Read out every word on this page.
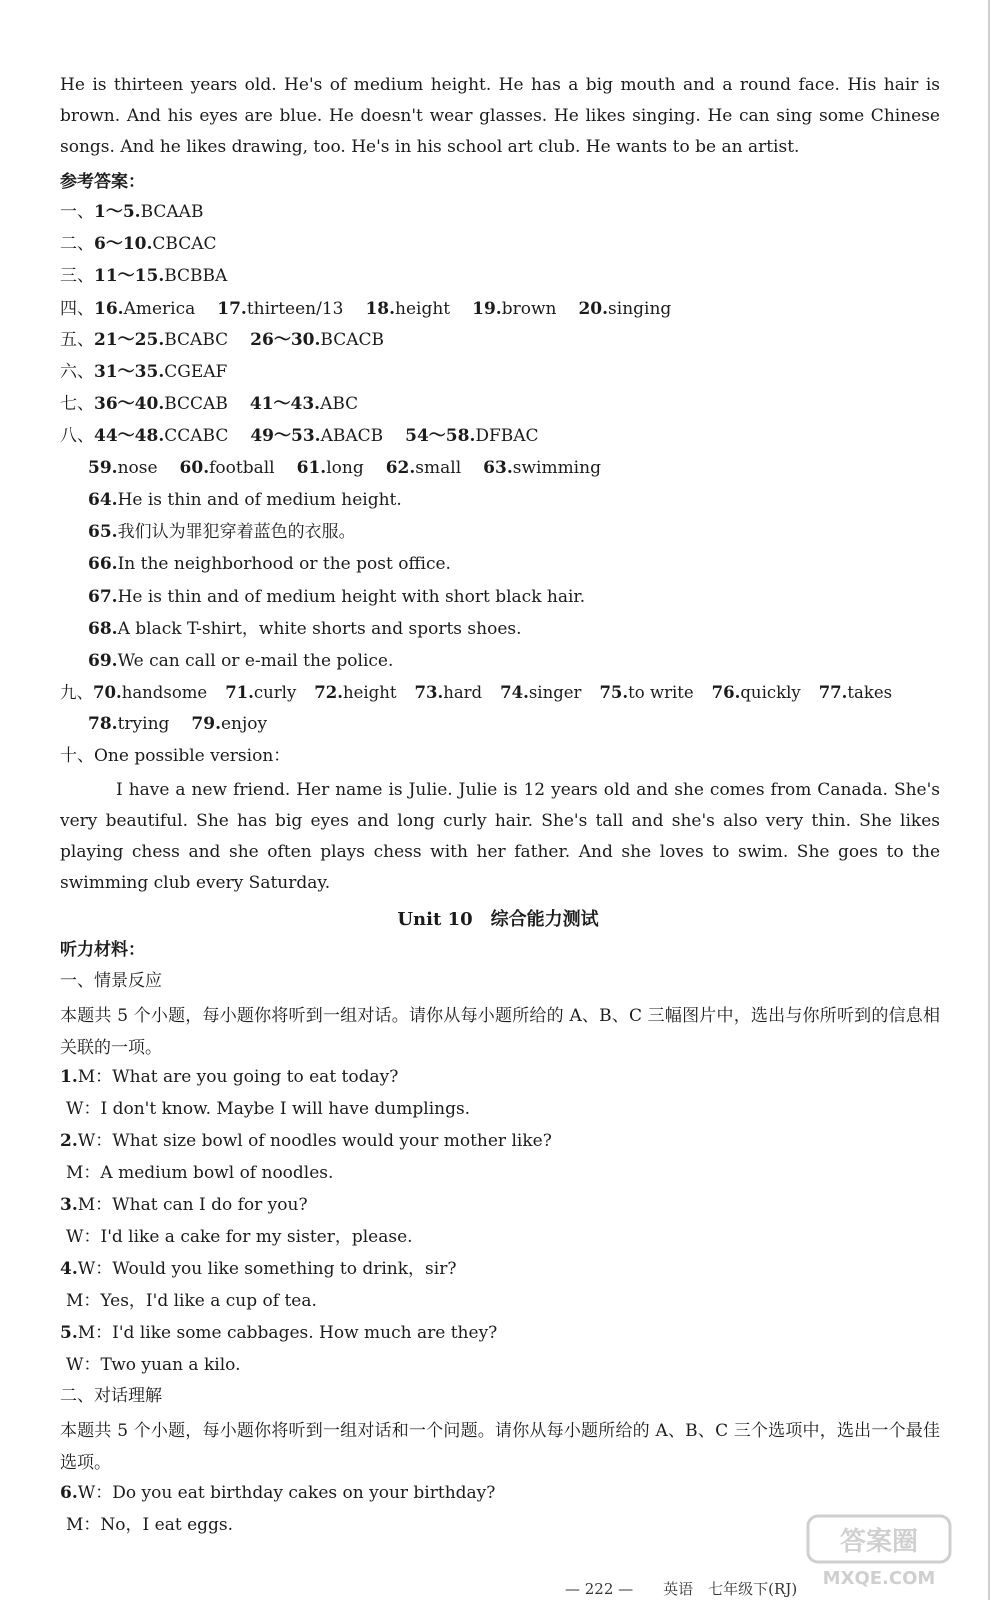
He is thirteen years old. He's of medium height. He has a big mouth and a round face. His hair is brown. And his eyes are blue. He doesn't wear glasses. He likes singing. He can sing some Chinese songs. And he likes drawing, too. He's in his school art club. He wants to be an artist.
参考答案：
一、1～5.BCAAB
二、6～10.CBCAC
三、11～15.BCBBA
四、16.America 17.thirteen/13 18.height 19.brown 20.singing
五、21～25.BCABC 26～30.BCACB
六、31～35.CGEAF
七、36～40.BCCAB 41～43.ABC
八、44～48.CCABC 49～53.ABACB 54～58.DFBAC
59.nose 60.football 61.long 62.small 63.swimming
64.He is thin and of medium height.
65.我们认为罪犯穿着蓝色的衣服。
66.In the neighborhood or the post office.
67.He is thin and of medium height with short black hair.
68.A black T-shirt，white shorts and sports shoes.
69.We can call or e-mail the police.
九、70.handsome 71.curly 72.height 73.hard 74.singer 75.to write 76.quickly 77.takes
78.trying 79.enjoy
十、One possible version：
I have a new friend. Her name is Julie. Julie is 12 years old and she comes from Canada. She's very beautiful. She has big eyes and long curly hair. She's tall and she's also very thin. She likes playing chess and she often plays chess with her father. And she loves to swim. She goes to the swimming club every Saturday.
Unit 10　综合能力测试
听力材料：
一、情景反应
本题共 5 个小题，每小题你将听到一组对话。请你从每小题所给的 A、B、C 三幅图片中，选出与你所听到的信息相关联的一项。
1.M：What are you going to eat today?
W：I don't know. Maybe I will have dumplings.
2.W：What size bowl of noodles would your mother like?
M：A medium bowl of noodles.
3.M：What can I do for you?
W：I'd like a cake for my sister，please.
4.W：Would you like something to drink，sir?
M：Yes，I'd like a cup of tea.
5.M：I'd like some cabbages. How much are they?
W：Two yuan a kilo.
二、对话理解
本题共 5 个小题，每小题你将听到一组对话和一个问题。请你从每小题所给的 A、B、C 三个选项中，选出一个最佳选项。
6.W：Do you eat birthday cakes on your birthday?
M：No，I eat eggs.
— 222 —　　英语　七年级下(RJ)
答案圈
MXQE.COM
